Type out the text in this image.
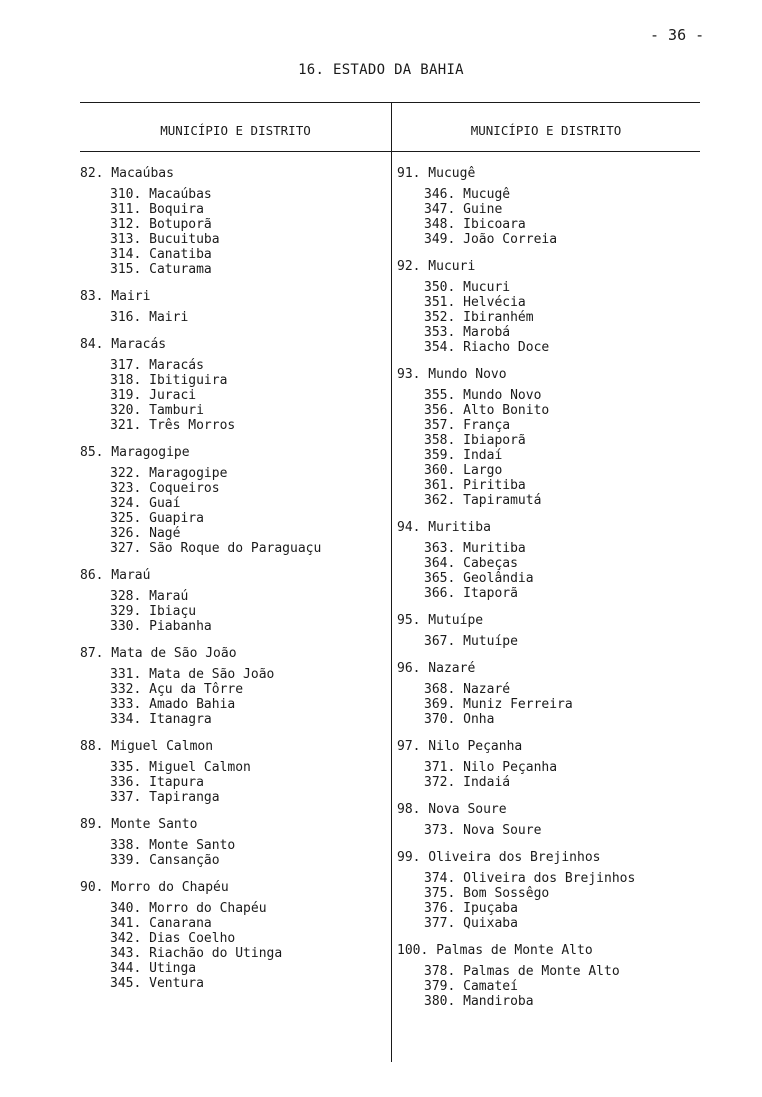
- 36 -
16. ESTADO DA BAHIA
MUNICÍPIO E DISTRITO	MUNICÍPIO E DISTRITO
82. Macaúbas
310. Macaúbas
311. Boquira
312. Botuporã
313. Bucuituba
314. Canatiba
315. Caturama
83. Mairi
316. Mairi
84. Maracás
317. Maracás
318. Ibitiguira
319. Juraci
320. Tamburi
321. Três Morros
85. Maragogipe
322. Maragogipe
323. Coqueiros
324. Guaí
325. Guapira
326. Nagé
327. São Roque do Paraguaçu
86. Maraú
328. Maraú
329. Ibiaçu
330. Piabanha
87. Mata de São João
331. Mata de São João
332. Açu da Tôrre
333. Amado Bahia
334. Itanagra
88. Miguel Calmon
335. Miguel Calmon
336. Itapura
337. Tapiranga
89. Monte Santo
338. Monte Santo
339. Cansanção
90. Morro do Chapéu
340. Morro do Chapéu
341. Canarana
342. Dias Coelho
343. Riachão do Utinga
344. Utinga
345. Ventura
91. Mucugê
346. Mucugê
347. Guine
348. Ibicoara
349. João Correia
92. Mucuri
350. Mucuri
351. Helvécia
352. Ibiranhém
353. Marobá
354. Riacho Doce
93. Mundo Novo
355. Mundo Novo
356. Alto Bonito
357. França
358. Ibiaporã
359. Indaí
360. Largo
361. Piritiba
362. Tapiramutá
94. Muritiba
363. Muritiba
364. Cabeças
365. Geolândia
366. Itaporã
95. Mutuípe
367. Mutuípe
96. Nazaré
368. Nazaré
369. Muniz Ferreira
370. Onha
97. Nilo Peçanha
371. Nilo Peçanha
372. Indaiá
98. Nova Soure
373. Nova Soure
99. Oliveira dos Brejinhos
374. Oliveira dos Brejinhos
375. Bom Sossêgo
376. Ipuçaba
377. Quixaba
100. Palmas de Monte Alto
378. Palmas de Monte Alto
379. Camateí
380. Mandiroba
